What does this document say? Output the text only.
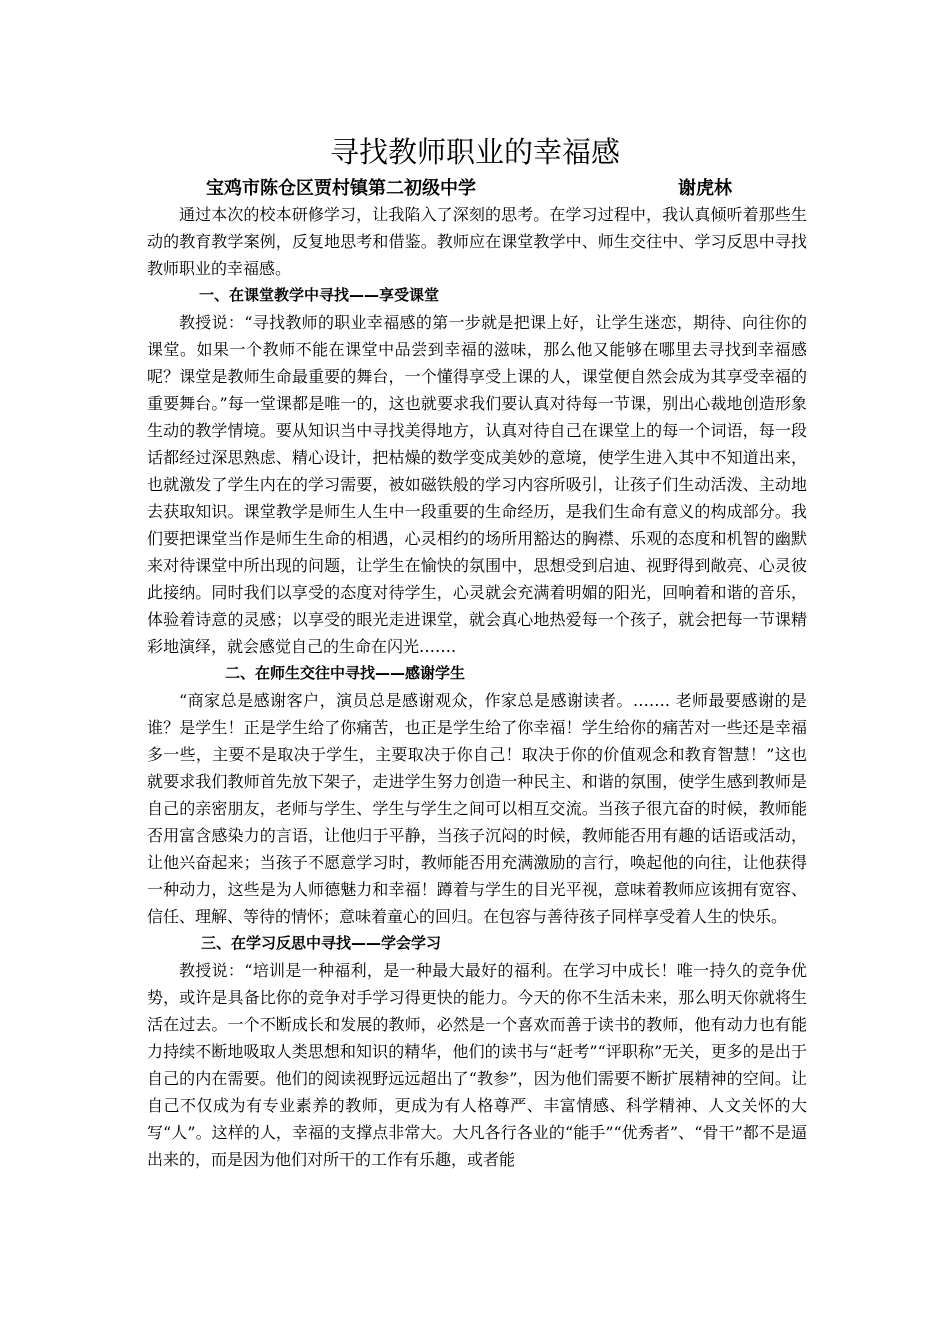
寻找教师职业的幸福感
宝鸡市陈仓区贾村镇第二初级中学	谢虎林

通过本次的校本研修学习，让我陷入了深刻的思考。在学习过程中，我认真倾听着那些生动的教育教学案例，反复地思考和借鉴。教师应在课堂教学中、师生交往中、学习反思中寻找教师职业的幸福感。

一、在课堂教学中寻找——享受课堂

教授说：“寻找教师的职业幸福感的第一步就是把课上好，让学生迷恋，期待、向往你的课堂。如果一个教师不能在课堂中品尝到幸福的滋味，那么他又能够在哪里去寻找到幸福感呢？课堂是教师生命最重要的舞台，一个懂得享受上课的人，课堂便自然会成为其享受幸福的重要舞台。”每一堂课都是唯一的，这也就要求我们要认真对待每一节课，别出心裁地创造形象生动的教学情境。要从知识当中寻找美得地方，认真对待自己在课堂上的每一个词语，每一段话都经过深思熟虑、精心设计，把枯燥的数学变成美妙的意境，使学生进入其中不知道出来，也就激发了学生内在的学习需要，被如磁铁般的学习内容所吸引，让孩子们生动活泼、主动地去获取知识。课堂教学是师生人生中一段重要的生命经历，是我们生命有意义的构成部分。我们要把课堂当作是师生生命的相遇，心灵相约的场所用豁达的胸襟、乐观的态度和机智的幽默来对待课堂中所出现的问题，让学生在愉快的氛围中，思想受到启迪、视野得到敞亮、心灵彼此接纳。同时我们以享受的态度对待学生，心灵就会充满着明媚的阳光，回响着和谐的音乐，体验着诗意的灵感；以享受的眼光走进课堂，就会真心地热爱每一个孩子，就会把每一节课精彩地演绎，就会感觉自己的生命在闪光…….

二、在师生交往中寻找——感谢学生

“商家总是感谢客户，演员总是感谢观众，作家总是感谢读者。……. 老师最要感谢的是谁？是学生！正是学生给了你痛苦，也正是学生给了你幸福！学生给你的痛苦对一些还是幸福多一些，主要不是取决于学生，主要取决于你自己！取决于你的价值观念和教育智慧！”这也就要求我们教师首先放下架子，走进学生努力创造一种民主、和谐的氛围，使学生感到教师是自己的亲密朋友，老师与学生、学生与学生之间可以相互交流。当孩子很亢奋的时候，教师能否用富含感染力的言语，让他归于平静，当孩子沉闷的时候，教师能否用有趣的话语或活动，让他兴奋起来；当孩子不愿意学习时，教师能否用充满激励的言行，唤起他的向往，让他获得一种动力，这些是为人师德魅力和幸福！蹲着与学生的目光平视，意味着教师应该拥有宽容、信任、理解、等待的情怀；意味着童心的回归。在包容与善待孩子同样享受着人生的快乐。

三、在学习反思中寻找——学会学习

教授说：“培训是一种福利，是一种最大最好的福利。在学习中成长！唯一持久的竞争优势，或许是具备比你的竞争对手学习得更快的能力。今天的你不生活未来，那么明天你就将生活在过去。一个不断成长和发展的教师，必然是一个喜欢而善于读书的教师，他有动力也有能力持续不断地吸取人类思想和知识的精华，他们的读书与“赶考”“评职称”无关，更多的是出于自己的内在需要。他们的阅读视野远远超出了“教参”，因为他们需要不断扩展精神的空间。让自己不仅成为有专业素养的教师，更成为有人格尊严、丰富情感、科学精神、人文关怀的大写“人”。这样的人，幸福的支撑点非常大。大凡各行各业的“能手”“优秀者”、“骨干”都不是逼出来的，而是因为他们对所干的工作有乐趣，或者能
